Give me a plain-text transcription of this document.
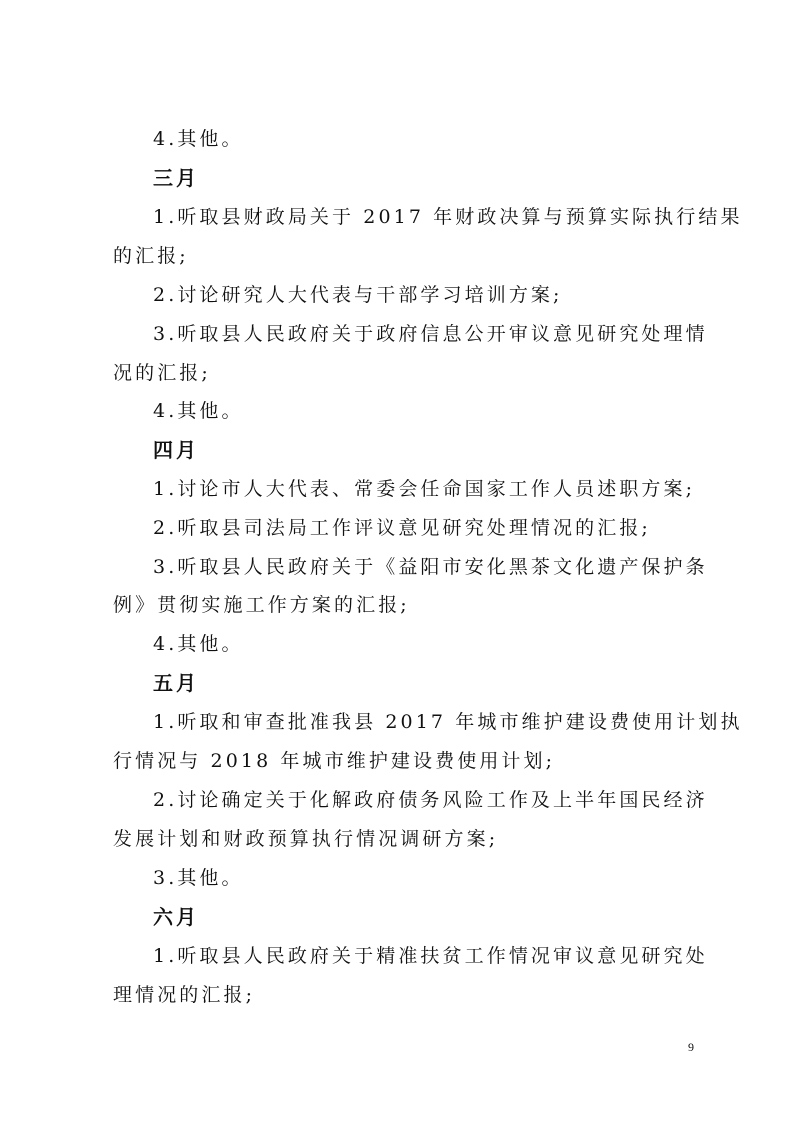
4.其他。
三月
1.听取县财政局关于 2017 年财政决算与预算实际执行结果
的汇报;
2.讨论研究人大代表与干部学习培训方案;
3.听取县人民政府关于政府信息公开审议意见研究处理情
况的汇报;
4.其他。
四月
1.讨论市人大代表、常委会任命国家工作人员述职方案;
2.听取县司法局工作评议意见研究处理情况的汇报;
3.听取县人民政府关于《益阳市安化黑茶文化遗产保护条
例》贯彻实施工作方案的汇报;
4.其他。
五月
1.听取和审查批准我县 2017 年城市维护建设费使用计划执
行情况与 2018 年城市维护建设费使用计划;
2.讨论确定关于化解政府债务风险工作及上半年国民经济
发展计划和财政预算执行情况调研方案;
3.其他。
六月
1.听取县人民政府关于精准扶贫工作情况审议意见研究处
理情况的汇报;
9
